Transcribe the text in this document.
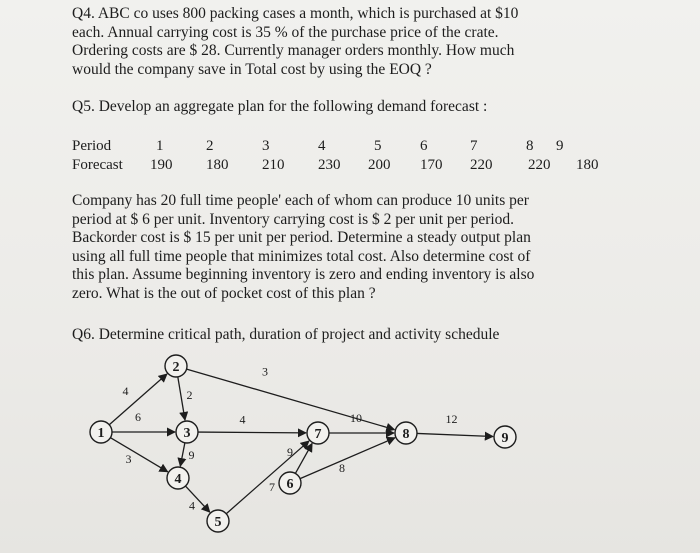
Q4. ABC co uses 800 packing cases a month, which is purchased at $10

each. Annual carrying cost is 35 % of the purchase price of the crate.

Ordering costs are $ 28. Currently manager orders monthly. How much

would the company save in Total cost by using the EOQ ?

Q5. Develop an aggregate plan for the following demand forecast :

Period	1	2	3	4	5	6	7	8	9
Forecast	190	180	210	230	200	170	220	220	180

Company has 20 full time people' each of whom can produce 10 units per

period at $ 6 per unit. Inventory carrying cost is $ 2 per unit per period.

Backorder cost is $ 15 per unit per period. Determine a steady output plan

using all full time people that minimizes total cost. Also determine cost of

this plan. Assume beginning inventory is zero and ending inventory is also

zero. What is the out of pocket cost of this plan ?

Q6. Determine critical path, duration of project and activity schedule

4
6
3
2
3
9
4
4
7
9
8
10	12
1
2
3
4
5
6
7	8	9
